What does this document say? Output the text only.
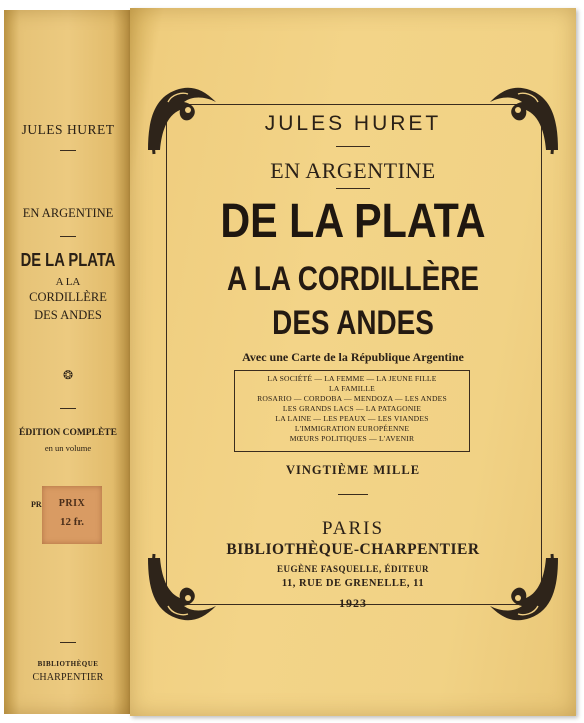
JULES HURET
EN ARGENTINE
DE LA PLATA
A LA
CORDILLÈRE
DES ANDES
❂
ÉDITION COMPLÈTE
en un volume
PR	PRIX
12 fr.
BIBLIOTHÈQUE
CHARPENTIER
JULES HURET
EN ARGENTINE
DE LA PLATA
A LA CORDILLÈRE
DES ANDES
Avec une Carte de la République Argentine
LA SOCIÉTÉ — LA FEMME — LA JEUNE FILLE
LA FAMILLE
ROSARIO — CORDOBA — MENDOZA — LES ANDES
LES GRANDS LACS — LA PATAGONIE
LA LAINE — LES PEAUX — LES VIANDES
L'IMMIGRATION EUROPÉENNE
MŒURS POLITIQUES — L'AVENIR
VINGTIÈME MILLE
PARIS
BIBLIOTHÈQUE-CHARPENTIER
EUGÈNE FASQUELLE, ÉDITEUR
11, RUE DE GRENELLE, 11
1923
